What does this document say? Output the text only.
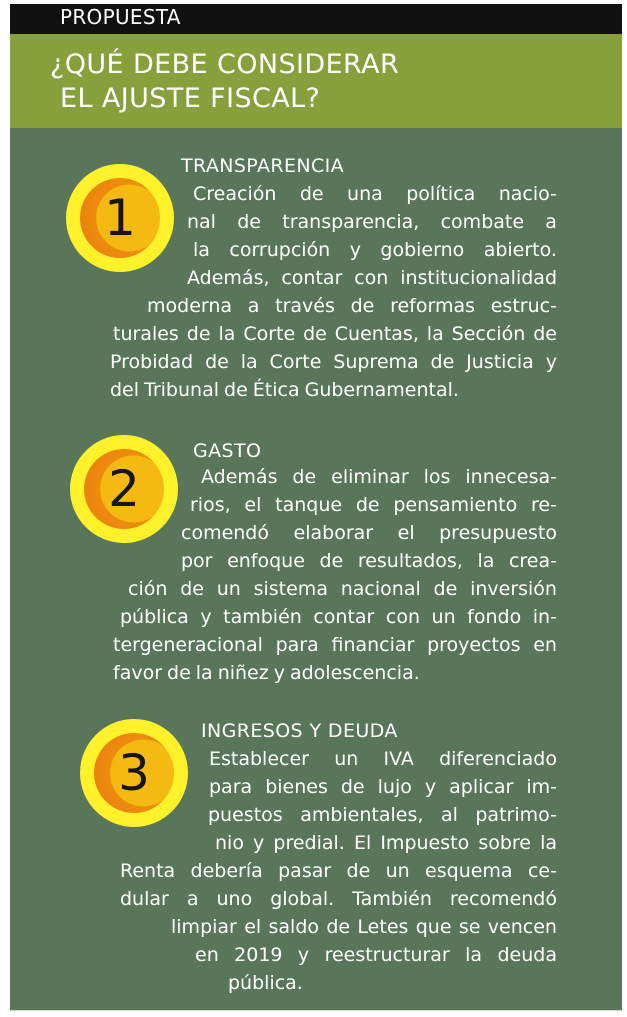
PROPUESTA
¿QUÉ DEBE CONSIDERAR
EL AJUSTE FISCAL?
1
TRANSPARENCIA
Creación de una política nacio-
nal de transparencia, combate a
la corrupción y gobierno abierto.
Además, contar con institucionalidad
moderna a través de reformas estruc-
turales de la Corte de Cuentas, la Sección de
Probidad de la Corte Suprema de Justicia y
del Tribunal de Ética Gubernamental.
2
GASTO
Además de eliminar los innecesa-
rios, el tanque de pensamiento re-
comendó elaborar el presupuesto
por enfoque de resultados, la crea-
ción de un sistema nacional de inversión
pública y también contar con un fondo in-
tergeneracional para financiar proyectos en
favor de la niñez y adolescencia.
3
INGRESOS Y DEUDA
Establecer un IVA diferenciado
para bienes de lujo y aplicar im-
puestos ambientales, al patrimo-
nio y predial. El Impuesto sobre la
Renta debería pasar de un esquema ce-
dular a uno global. También recomendó
limpiar el saldo de Letes que se vencen
en 2019 y reestructurar la deuda
pública.
